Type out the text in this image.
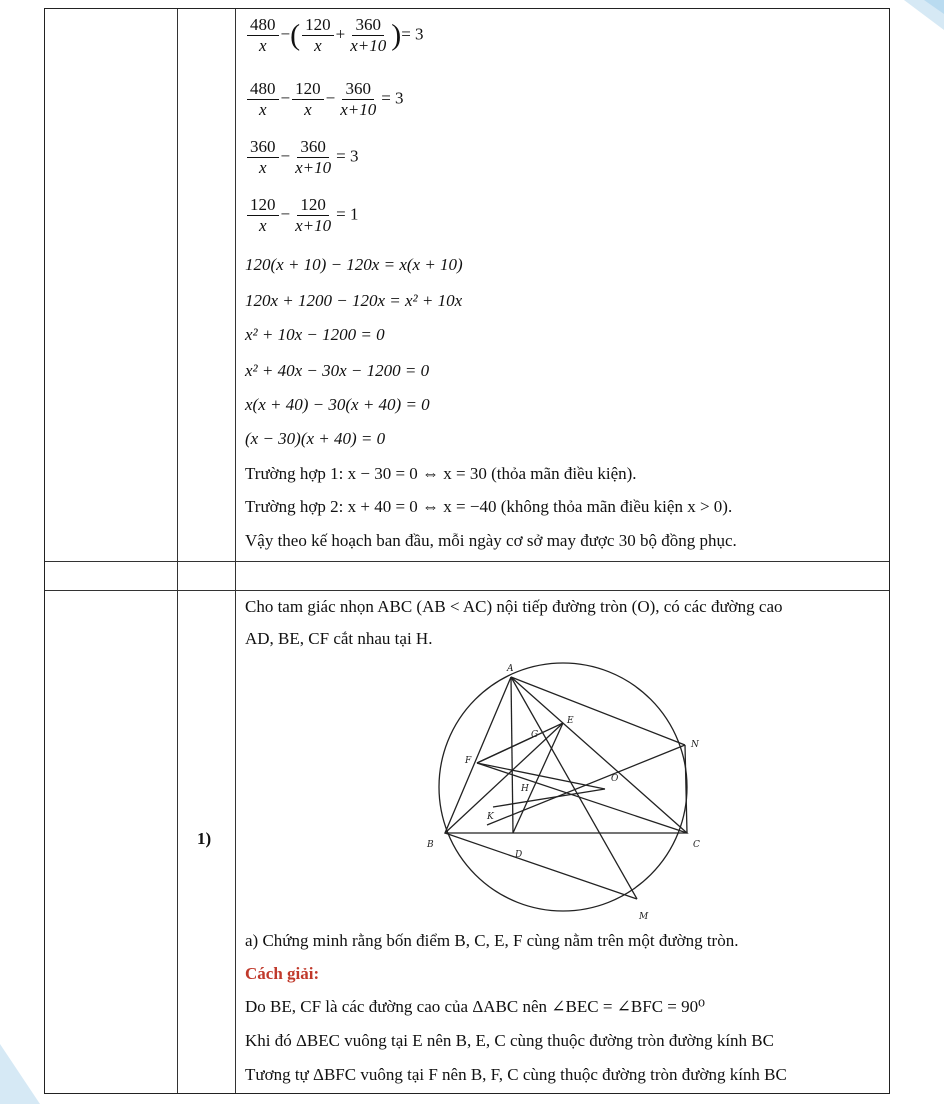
$\frac{480}{x}$ −( $\frac{120}{x} + \frac{360}{x+10}$ )= 3
$\frac{480}{x} - \frac{120}{x} - \frac{360}{x+10} = 3$
$\frac{360}{x} - \frac{360}{x+10} = 3$
$\frac{120}{x} - \frac{120}{x+10} = 1$
120(x + 10) − 120x = x(x + 10)
120x + 1200 − 120x = x² + 10x
x² + 10x − 1200 = 0
x² + 40x − 30x − 1200 = 0
x(x + 40) − 30(x + 40) = 0
(x − 30)(x + 40) = 0
Trường hợp 1: x − 30 = 0 ⇔ x = 30 (thỏa mãn điều kiện).
Trường hợp 2: x + 40 = 0 ⇔ x = −40 (không thỏa mãn điều kiện x > 0).
Vậy theo kế hoạch ban đầu, mỗi ngày cơ sở may được 30 bộ đồng phục.
1)
Cho tam giác nhọn ABC (AB < AC) nội tiếp đường tròn (O), có các đường cao
AD, BE, CF cắt nhau tại H.
A
E
G
N
F
O
H
K
B	C
D
M
a) Chứng minh rằng bốn điểm B, C, E, F cùng nằm trên một đường tròn.
Cách giải:
Do BE, CF là các đường cao của ΔABC nên ∠BEC = ∠BFC = 90⁰
Khi đó ΔBEC vuông tại E nên B, E, C cùng thuộc đường tròn đường kính BC
Tương tự ΔBFC vuông tại F nên B, F, C cùng thuộc đường tròn đường kính BC
